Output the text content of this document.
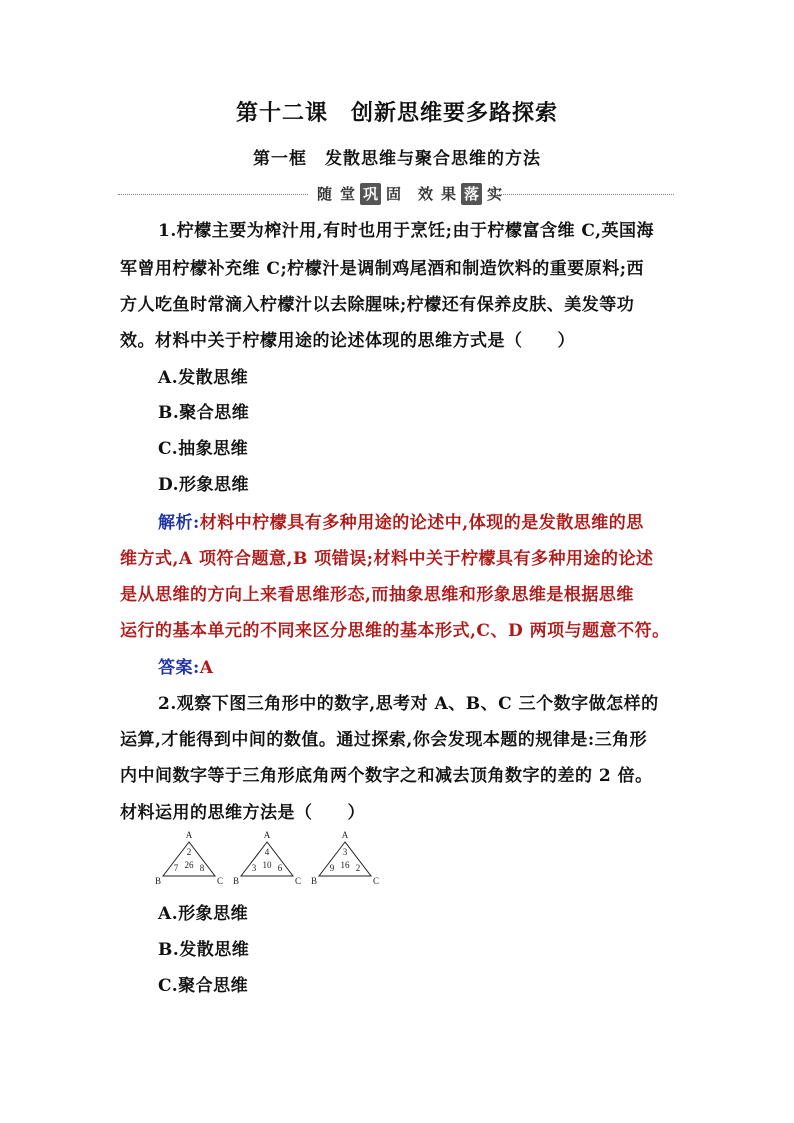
第十二课　创新思维要多路探索
第一框　发散思维与聚合思维的方法
随 堂 巩 固 效 果 落 实
1.柠檬主要为榨汁用,有时也用于烹饪;由于柠檬富含维 C,英国海
军曾用柠檬补充维 C;柠檬汁是调制鸡尾酒和制造饮料的重要原料;西
方人吃鱼时常滴入柠檬汁以去除腥味;柠檬还有保养皮肤、美发等功
效。材料中关于柠檬用途的论述体现的思维方式是（　　）
A.发散思维
B.聚合思维
C.抽象思维
D.形象思维
解析:材料中柠檬具有多种用途的论述中,体现的是发散思维的思
维方式,A 项符合题意,B 项错误;材料中关于柠檬具有多种用途的论述
是从思维的方向上来看思维形态,而抽象思维和形象思维是根据思维
运行的基本单元的不同来区分思维的基本形式,C、D 两项与题意不符。
答案:A
2.观察下图三角形中的数字,思考对 A、B、C 三个数字做怎样的
运算,才能得到中间的数值。通过探索,你会发现本题的规律是:三角形
内中间数字等于三角形底角两个数字之和减去顶角数字的差的 2 倍。
材料运用的思维方法是（　　）
A
B	C
2
7 26 8
A
B	C
4
3 10 6
A
B	C
3
9 16 2
A.形象思维
B.发散思维
C.聚合思维
